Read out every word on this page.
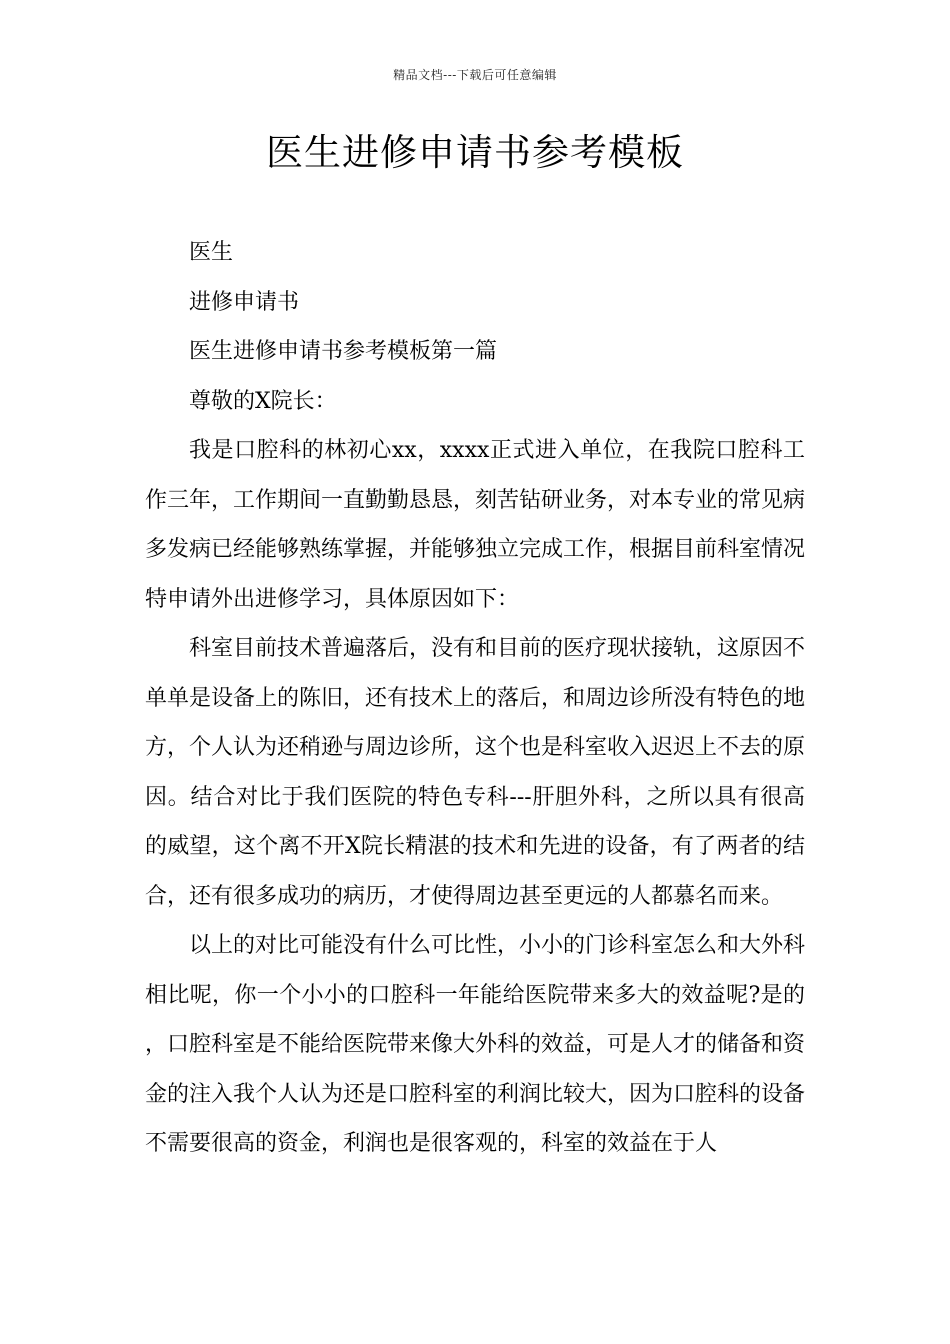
精品文档---下载后可任意编辑
医生进修申请书参考模板

医生

进修申请书

医生进修申请书参考模板第一篇

尊敬的X院长：

我是口腔科的林初心xx，xxxx正式进入单位，在我院口腔科工作三年，工作期间一直勤勤恳恳，刻苦钻研业务，对本专业的常见病多发病已经能够熟练掌握，并能够独立完成工作，根据目前科室情况特申请外出进修学习，具体原因如下：

科室目前技术普遍落后，没有和目前的医疗现状接轨，这原因不单单是设备上的陈旧，还有技术上的落后，和周边诊所没有特色的地方，个人认为还稍逊与周边诊所，这个也是科室收入迟迟上不去的原因。结合对比于我们医院的特色专科---肝胆外科，之所以具有很高的威望，这个离不开X院长精湛的技术和先进的设备，有了两者的结合，还有很多成功的病历，才使得周边甚至更远的人都慕名而来。

以上的对比可能没有什么可比性，小小的门诊科室怎么和大外科相比呢，你一个小小的口腔科一年能给医院带来多大的效益呢?是的，口腔科室是不能给医院带来像大外科的效益，可是人才的储备和资金的注入我个人认为还是口腔科室的利润比较大，因为口腔科的设备不需要很高的资金，利润也是很客观的，科室的效益在于人
